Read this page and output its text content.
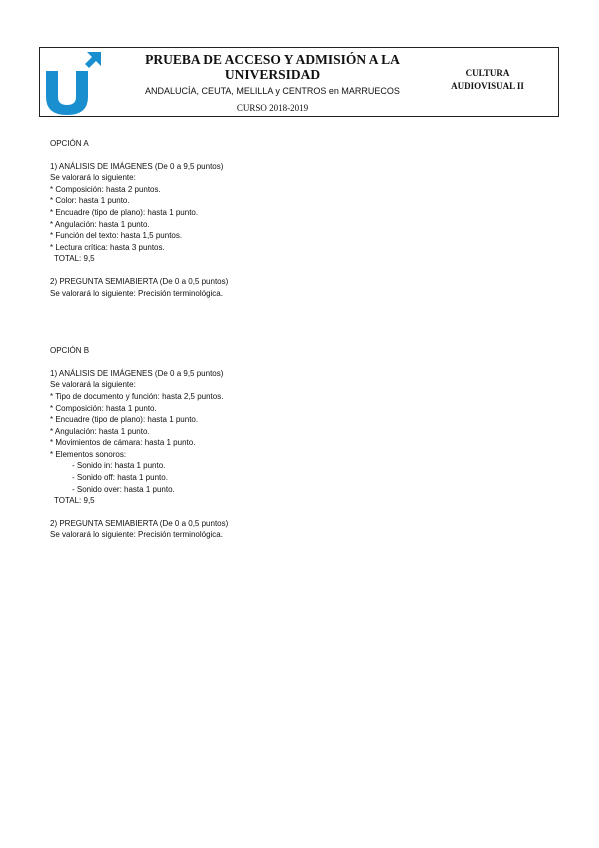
PRUEBA DE ACCESO Y ADMISIÓN A LA UNIVERSIDAD
ANDALUCÍA, CEUTA, MELILLA y CENTROS en MARRUECOS
CURSO 2018-2019
CULTURA AUDIOVISUAL II

OPCIÓN A

1) ANÁLISIS DE IMÁGENES (De 0 a 9,5 puntos)

Se valorará lo siguiente:

* Composición: hasta 2 puntos.

* Color: hasta 1 punto.

* Encuadre (tipo de plano): hasta 1 punto.

* Angulación: hasta 1 punto.

* Función del texto: hasta 1,5 puntos.

* Lectura crítica: hasta 3 puntos.

TOTAL: 9,5

2) PREGUNTA SEMIABIERTA (De 0 a 0,5 puntos)

Se valorará lo siguiente: Precisión terminológica.

OPCIÓN B

1) ANÁLISIS DE IMÁGENES (De 0 a 9,5 puntos)

Se valorará la siguiente:

* Tipo de documento y función: hasta 2,5 puntos.

* Composición: hasta 1 punto.

* Encuadre (tipo de plano): hasta 1 punto.

* Angulación: hasta 1 punto.

* Movimientos de cámara: hasta 1 punto.

* Elementos sonoros:

- Sonido in: hasta 1 punto.

- Sonido off: hasta 1 punto.

- Sonido over: hasta 1 punto.

TOTAL: 9,5

2) PREGUNTA SEMIABIERTA (De 0 a 0,5 puntos)

Se valorará lo siguiente: Precisión terminológica.
